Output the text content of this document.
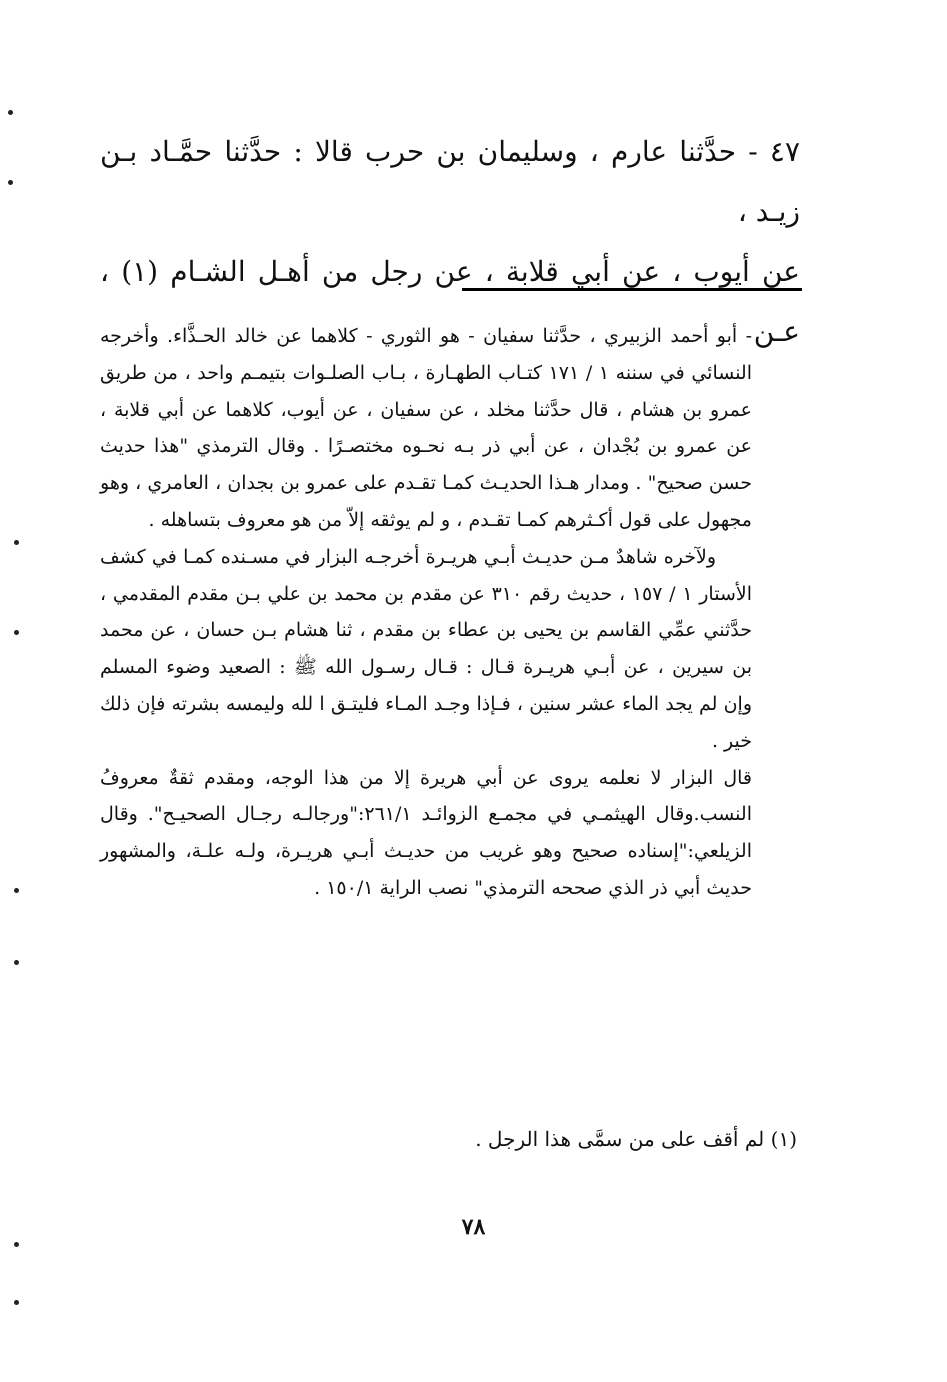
٤٧ - حدَّثنا عارم ، وسليمان بن حرب قالا : حدَّثنا حمَّـاد بـن زيـد ،

عن أيوب ، عن أبي قلابة ، عن رجل من أهـل الشـام (١) ، عـن

- أبو أحمد الزبيري ، حدَّثنا سفيان - هو الثوري - كلاهما عن خالد الحـذَّاء. وأخرجه النسائي في سننه ١ / ١٧١ كتـاب الطهـارة ، بـاب الصلـوات بتيمـم واحد ، من طريق عمرو بن هشام ، قال حدَّثنا مخلد ، عن سفيان ، عن أيوب، كلاهما عن أبي قلابة ، عن عمرو بن بُجْدان ، عن أبي ذر بـه نحـوه مختصـرًا . وقال الترمذي "هذا حديث حسن صحيح" . ومدار هـذا الحديـث كمـا تقـدم على عمرو بن بجدان ، العامري ، وهو مجهول على قول أكـثرهم كمـا تقـدم ، و لم يوثقه إلاّ من هو معروف بتساهله .

ولآخره شاهدٌ مـن حديـث أبـي هريـرة أخرجـه البزار في مسـنده كمـا في كشف الأستار ١ / ١٥٧ ، حديث رقم ٣١٠ عن مقدم بن محمد بن علي بـن مقدم المقدمي ، حدَّثني عمِّي القاسم بن يحيى بن عطاء بن مقدم ، ثنا هشام بـن حسان ، عن محمد بن سيرين ، عن أبـي هريـرة قـال : قـال رسـول الله ﷺ : الصعيد وضوء المسلم وإن لم يجد الماء عشر سنين ، فـإذا وجـد المـاء فليتـق ا لله وليمسه بشرته فإن ذلك خير .

قال البزار لا نعلمه يروى عن أبي هريرة إلا من هذا الوجه، ومقدم ثقةٌ معروفُ النسب.وقال الهيثمـي في مجمـع الزوائـد ٢٦١/١:"ورجالـه رجـال الصحيـح". وقال الزيلعي:"إسناده صحيح وهو غريب من حديـث أبـي هريـرة، ولـه علـة، والمشهور حديث أبي ذر الذي صححه الترمذي" نصب الراية ١٥٠/١ .

(١) لم أقف على من سمَّى هذا الرجل .
٧٨
